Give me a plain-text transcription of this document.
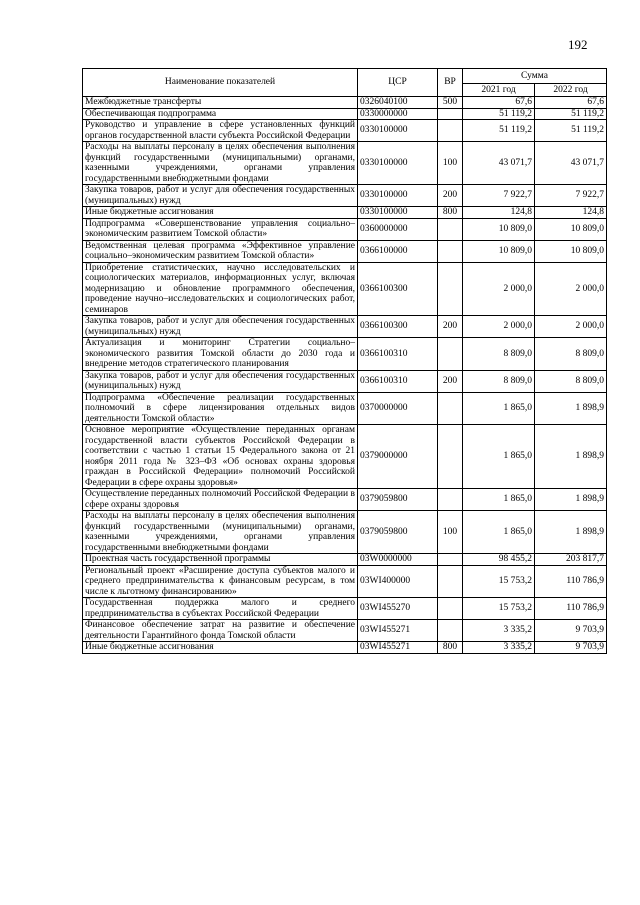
192
Наименование показателей	ЦСР	ВР	Сумма	
			2021 год	2022 год
Межбюджетные трансферты	0326040100	500	67,6	67,6
Обеспечивающая подпрограмма	0330000000		51 119,2	51 119,2
Руководство и управление в сфере установленных функций органов государственной власти субъекта Российской Федерации	0330100000		51 119,2	51 119,2
Расходы на выплаты персоналу в целях обеспечения выполнения функций государственными (муниципальными) органами, казенными учреждениями, органами управления государственными внебюджетными фондами	0330100000	100	43 071,7	43 071,7
Закупка товаров, работ и услуг для обеспечения государственных (муниципальных) нужд	0330100000	200	7 922,7	7 922,7
Иные бюджетные ассигнования	0330100000	800	124,8	124,8
Подпрограмма «Совершенствование управления социально–экономическим развитием Томской области»	0360000000		10 809,0	10 809,0
Ведомственная целевая программа «Эффективное управление социально–экономическим развитием Томской области»	0366100000		10 809,0	10 809,0
Приобретение статистических, научно исследовательских и социологических материалов, информационных услуг, включая модернизацию и обновление программного обеспечения, проведение научно–исследовательских и социологических работ, семинаров	0366100300		2 000,0	2 000,0
Закупка товаров, работ и услуг для обеспечения государственных (муниципальных) нужд	0366100300	200	2 000,0	2 000,0
Актуализация и мониторинг Стратегии социально–экономического развития Томской области до 2030 года и внедрение методов стратегического планирования	0366100310		8 809,0	8 809,0
Закупка товаров, работ и услуг для обеспечения государственных (муниципальных) нужд	0366100310	200	8 809,0	8 809,0
Подпрограмма «Обеспечение реализации государственных полномочий в сфере лицензирования отдельных видов деятельности Томской области»	0370000000		1 865,0	1 898,9
Основное мероприятие «Осуществление переданных органам государственной власти субъектов Российской Федерации в соответствии с частью 1 статьи 15 Федерального закона от 21 ноября 2011 года № 323–ФЗ «Об основах охраны здоровья граждан в Российской Федерации» полномочий Российской Федерации в сфере охраны здоровья»	0379000000		1 865,0	1 898,9
Осуществление переданных полномочий Российской Федерации в сфере охраны здоровья	0379059800		1 865,0	1 898,9
Расходы на выплаты персоналу в целях обеспечения выполнения функций государственными (муниципальными) органами, казенными учреждениями, органами управления государственными внебюджетными фондами	0379059800	100	1 865,0	1 898,9
Проектная часть государственной программы	03W0000000		98 455,2	203 817,7
Региональный проект «Расширение доступа субъектов малого и среднего предпринимательства к финансовым ресурсам, в том числе к льготному финансированию»	03WI400000		15 753,2	110 786,9
Государственная поддержка малого и среднего предпринимательства в субъектах Российской Федерации	03WI455270		15 753,2	110 786,9
Финансовое обеспечение затрат на развитие и обеспечение деятельности Гарантийного фонда Томской области	03WI455271		3 335,2	9 703,9
Иные бюджетные ассигнования	03WI455271	800	3 335,2	9 703,9
